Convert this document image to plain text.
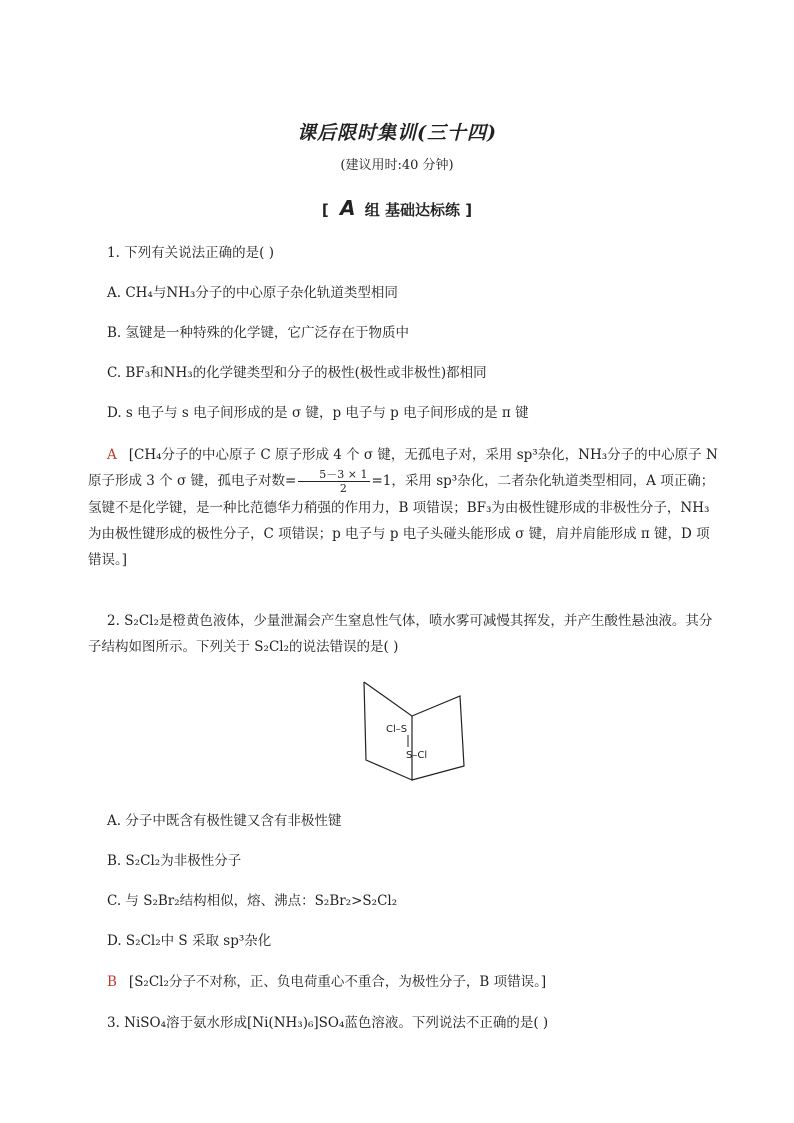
课后限时集训(三十四)
(建议用时:40 分钟)
[ A 组 基础达标练 ]
1. 下列有关说法正确的是( )
A. CH₄与NH₃分子的中心原子杂化轨道类型相同
B. 氢键是一种特殊的化学键，它广泛存在于物质中
C. BF₃和NH₃的化学键类型和分子的极性(极性或非极性)都相同
D. s 电子与 s 电子间形成的是 σ 键，p 电子与 p 电子间形成的是 π 键
A [CH₄分子的中心原子 C 原子形成 4 个 σ 键，无孤电子对，采用 sp³杂化，NH₃分子的中心原子 N 原子形成 3 个 σ 键，孤电子对数= $\frac{5-3 \times 1}{2} =1$，采用 sp³杂化，二者杂化轨道类型相同，A 项正确；氢键不是化学键，是一种比范德华力稍强的作用力，B 项错误；BF₃为由极性键形成的非极性分子，NH₃为由极性键形成的极性分子，C 项错误；p 电子与 p 电子头碰头能形成 σ 键，肩并肩能形成 π 键，D 项错误。]
2. S₂Cl₂是橙黄色液体，少量泄漏会产生窒息性气体，喷水雾可减慢其挥发，并产生酸性悬浊液。其分子结构如图所示。下列关于 S₂Cl₂的说法错误的是( )
Cl–S
S–Cl
A. 分子中既含有极性键又含有非极性键
B. S₂Cl₂为非极性分子
C. 与 S₂Br₂结构相似，熔、沸点：S₂Br₂>S₂Cl₂
D. S₂Cl₂中 S 采取 sp³杂化
B [S₂Cl₂分子不对称，正、负电荷重心不重合，为极性分子，B 项错误。]
3. NiSO₄溶于氨水形成[Ni(NH₃)₆]SO₄蓝色溶液。下列说法不正确的是( )
